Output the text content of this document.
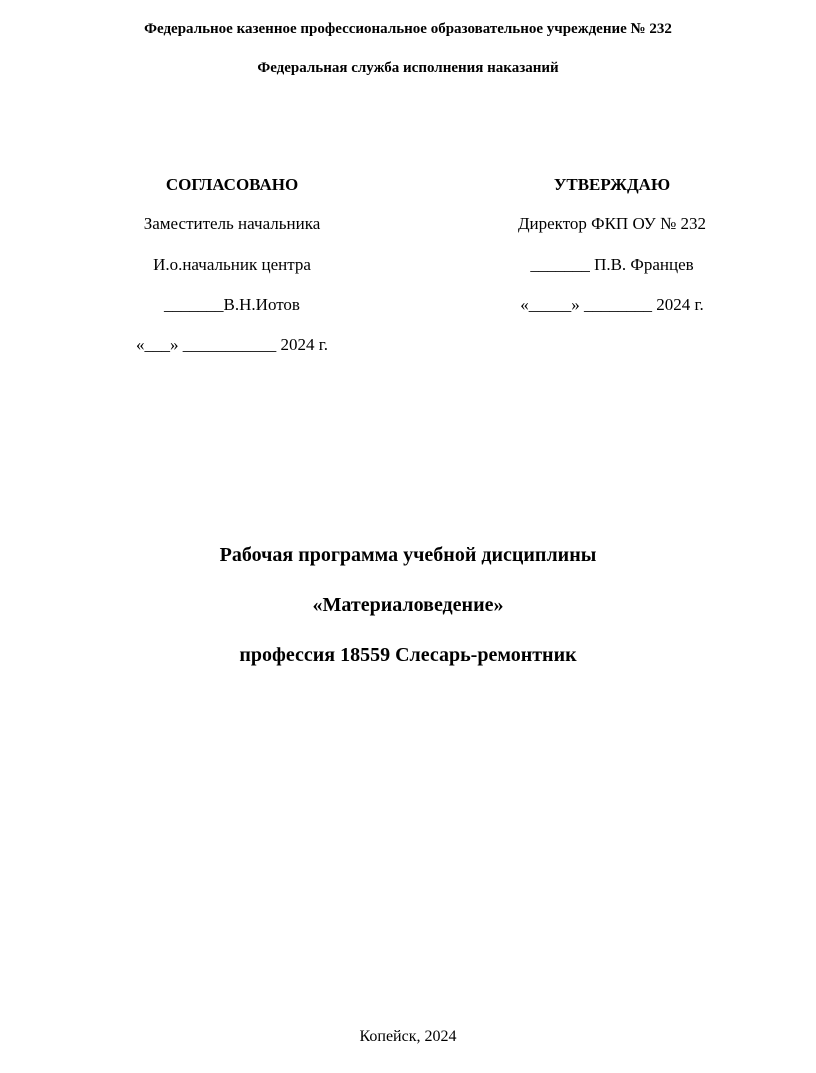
Федеральное казенное профессиональное образовательное учреждение № 232
Федеральная служба исполнения наказаний
СОГЛАСОВАНО
Заместитель начальника
И.о.начальник центра
_______В.Н.Иотов
«___» ___________ 2024 г.
УТВЕРЖДАЮ
Директор ФКП ОУ № 232
_______ П.В. Францев
«_____» ________ 2024 г.
Рабочая программа учебной дисциплины
«Материаловедение»
профессия 18559 Слесарь-ремонтник
Копейск, 2024
